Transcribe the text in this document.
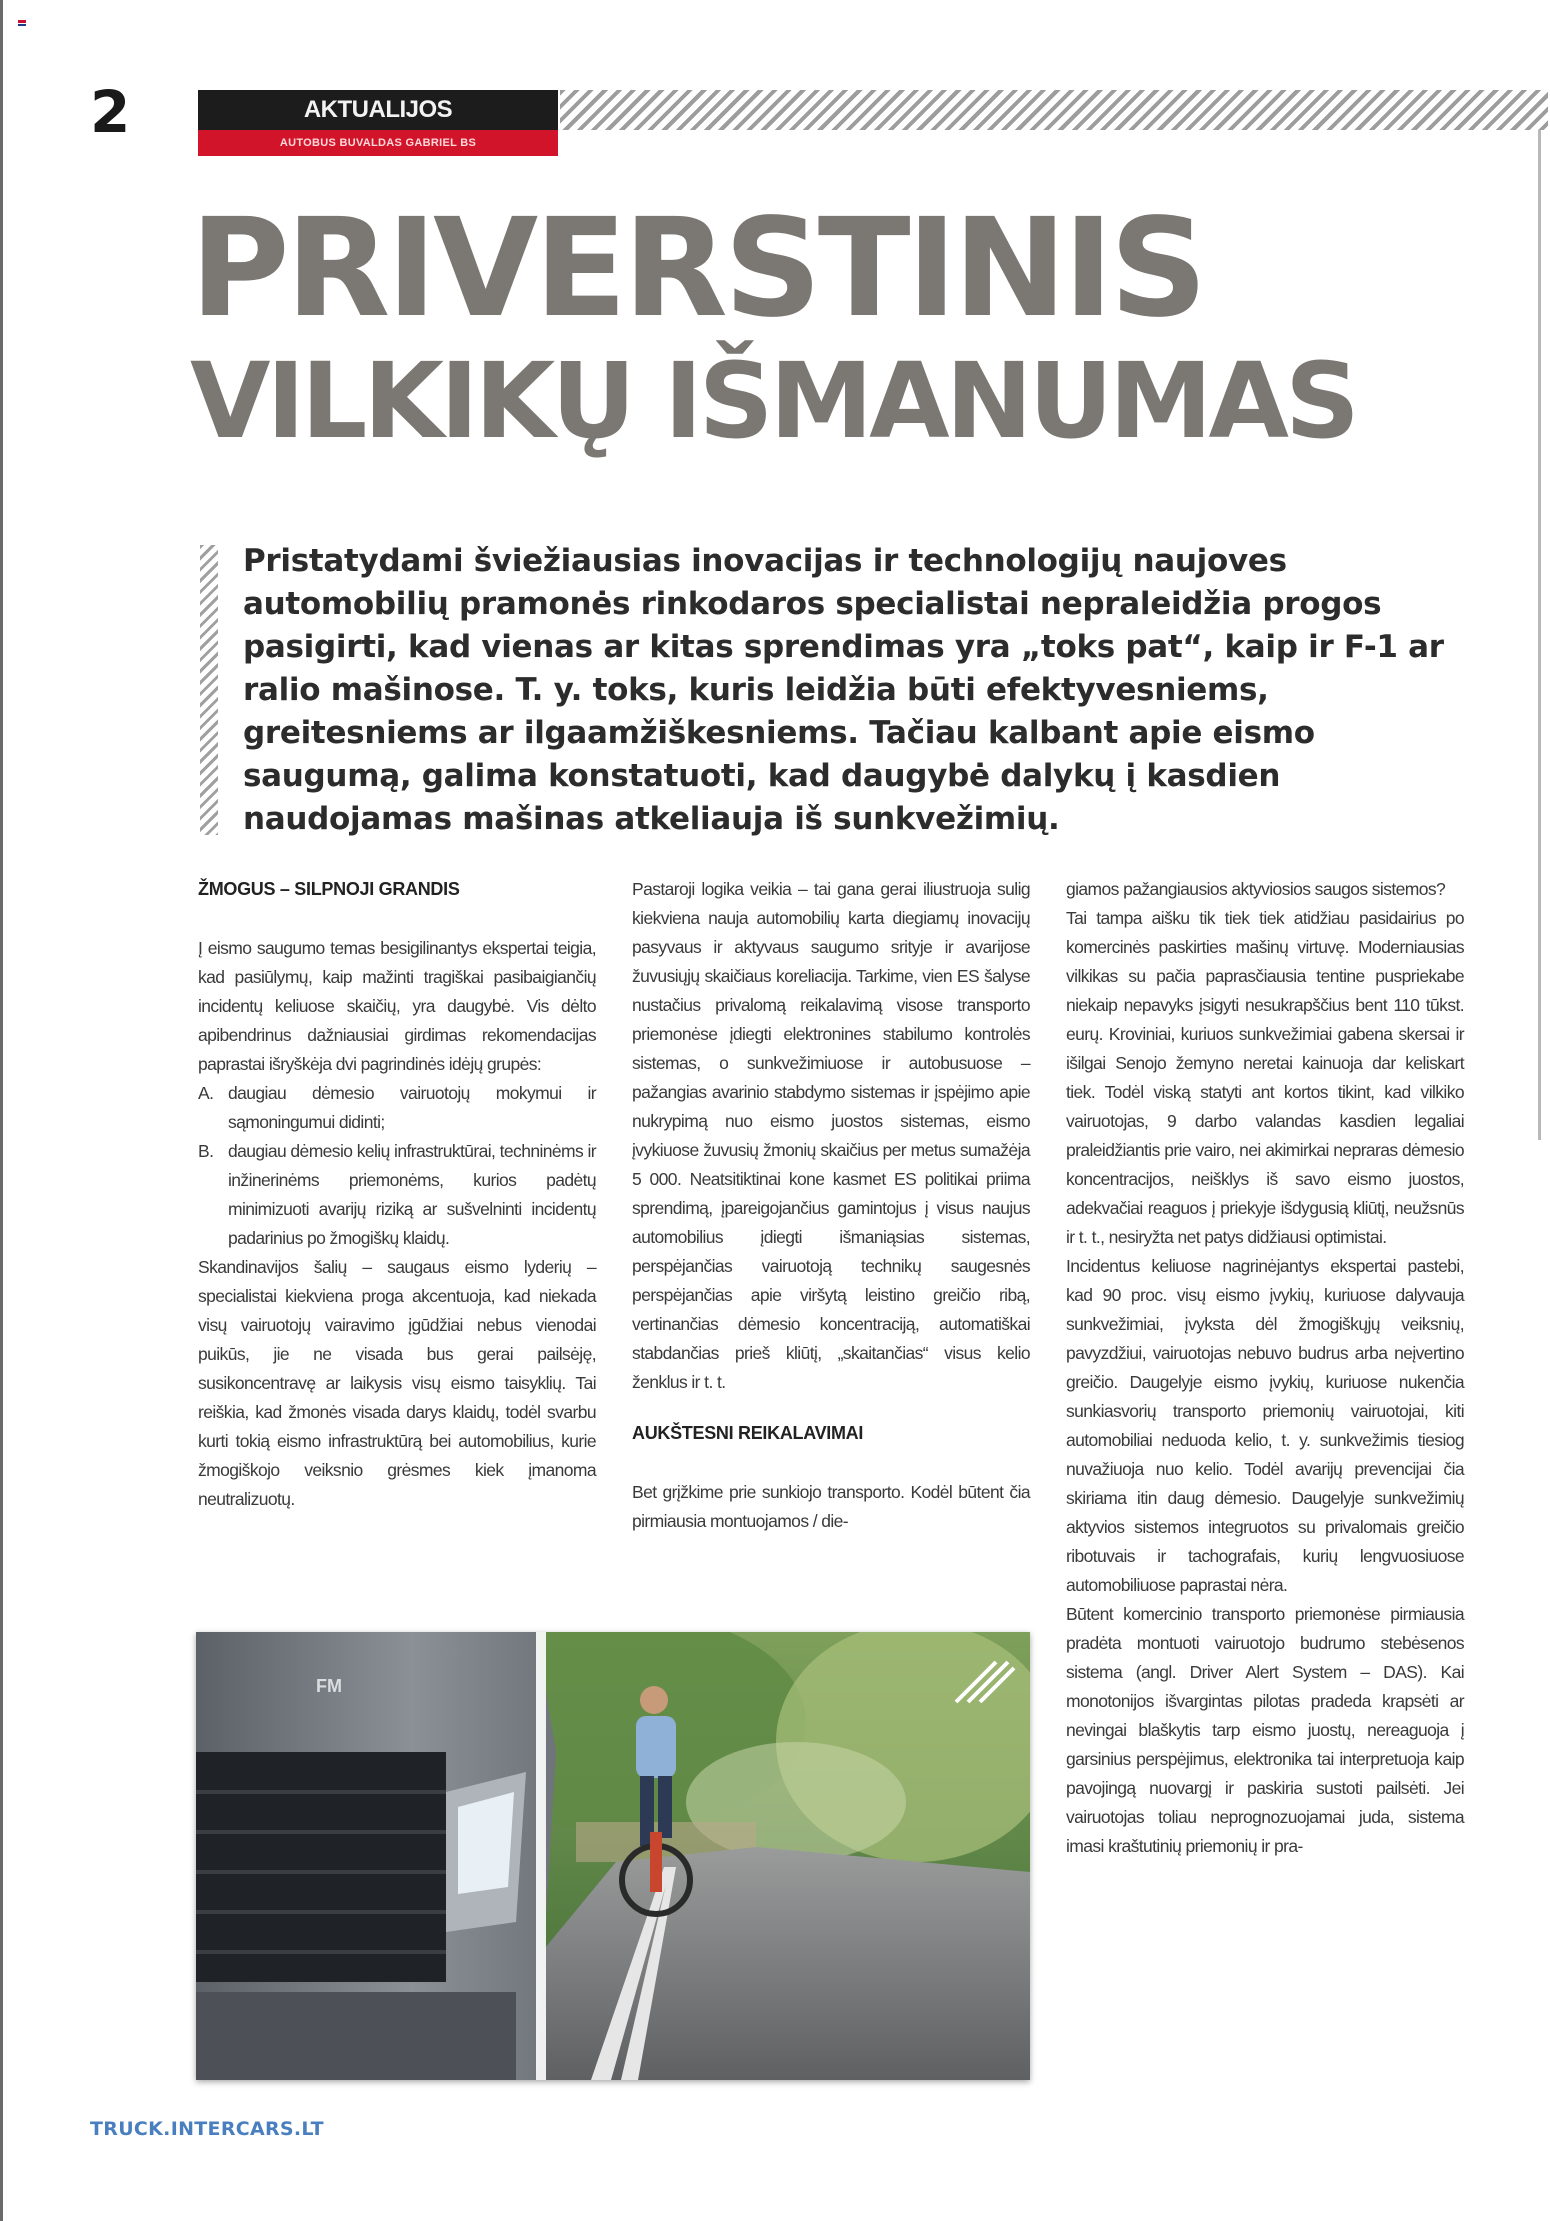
2	AKTUALIJOS
AUTOBUS BUVALDAS GABRIEL BS
PRIVERSTINIS
VILKIKŲ IŠMANUMAS

Pristatydami šviežiausias inovacijas ir technologijų naujoves automobilių pramonės rinkodaros specialistai nepraleidžia progos pasigirti, kad vienas ar kitas sprendimas yra „toks pat“, kaip ir F-1 ar ralio mašinose. T. y. toks, kuris leidžia būti efektyvesniems, greitesniems ar ilgaamžiškesniems. Tačiau kalbant apie eismo saugumą, galima konstatuoti, kad daugybė dalykų į kasdien naudojamas mašinas atkeliauja iš sunkvežimių.

ŽMOGUS – SILPNOJI GRANDIS

Į eismo saugumo temas besigilinantys ekspertai teigia, kad pasiūlymų, kaip mažinti tragiškai pasibaigiančių incidentų keliuose skaičių, yra daugybė. Vis dėlto apibendrinus dažniausiai girdimas rekomendacijas paprastai išryškėja dvi pagrindinės idėjų grupės:

A. daugiau dėmesio vairuotojų mokymui ir sąmoningumui didinti;
B. daugiau dėmesio kelių infrastruktūrai, techninėms ir inžinerinėms priemonėms, kurios padėtų minimizuoti avarijų riziką ar sušvelninti incidentų padarinius po žmogiškų klaidų.

Skandinavijos šalių – saugaus eismo lyderių – specialistai kiekviena proga akcentuoja, kad niekada visų vairuotojų vairavimo įgūdžiai nebus vienodai puikūs, jie ne visada bus gerai pailsėję, susikoncentravę ar laikysis visų eismo taisyklių. Tai reiškia, kad žmonės visada darys klaidų, todėl svarbu kurti tokią eismo infrastruktūrą bei automobilius, kurie žmogiškojo veiksnio grėsmes kiek įmanoma neutralizuotų.

Pastaroji logika veikia – tai gana gerai iliustruoja sulig kiekviena nauja automobilių karta diegiamų inovacijų pasyvaus ir aktyvaus saugumo srityje ir avarijose žuvusiųjų skaičiaus koreliacija. Tarkime, vien ES šalyse nustačius privalomą reikalavimą visose transporto priemonėse įdiegti elektronines stabilumo kontrolės sistemas, o sunkvežimiuose ir autobusuose – pažangias avarinio stabdymo sistemas ir įspėjimo apie nukrypimą nuo eismo juostos sistemas, eismo įvykiuose žuvusių žmonių skaičius per metus sumažėja 5 000. Neatsitiktinai kone kasmet ES politikai priima sprendimą, įpareigojančius gamintojus į visus naujus automobilius įdiegti išmaniąsias sistemas, perspėjančias vairuotoją technikų saugesnės perspėjančias apie viršytą leistino greičio ribą, vertinančias dėmesio koncentraciją, automatiškai stabdančias prieš kliūtį, „skaitančias“ visus kelio ženklus ir t. t.

AUKŠTESNI REIKALAVIMAI

Bet grįžkime prie sunkiojo transporto. Kodėl būtent čia pirmiausia montuojamos / die-

giamos pažangiausios aktyviosios saugos sistemos?

Tai tampa aišku tik tiek tiek atidžiau pasidairius po komercinės paskirties mašinų virtuvę. Moderniausias vilkikas su pačia paprasčiausia tentine puspriekabe niekaip nepavyks įsigyti nesukrapščius bent 110 tūkst. eurų. Kroviniai, kuriuos sunkvežimiai gabena skersai ir išilgai Senojo žemyno neretai kainuoja dar keliskart tiek. Todėl viską statyti ant kortos tikint, kad vilkiko vairuotojas, 9 darbo valandas kasdien legaliai praleidžiantis prie vairo, nei akimirkai nepraras dėmesio koncentracijos, neišklys iš savo eismo juostos, adekvačiai reaguos į priekyje išdygusią kliūtį, neužsnūs ir t. t., nesiryžta net patys didžiausi optimistai.

Incidentus keliuose nagrinėjantys ekspertai pastebi, kad 90 proc. visų eismo įvykių, kuriuose dalyvauja sunkvežimiai, įvyksta dėl žmogiškųjų veiksnių, pavyzdžiui, vairuotojas nebuvo budrus arba neįvertino greičio. Daugelyje eismo įvykių, kuriuose nukenčia sunkiasvorių transporto priemonių vairuotojai, kiti automobiliai neduoda kelio, t. y. sunkvežimis tiesiog nuvažiuoja nuo kelio. Todėl avarijų prevencijai čia skiriama itin daug dėmesio. Daugelyje sunkvežimių aktyvios sistemos integruotos su privalomais greičio ribotuvais ir tachografais, kurių lengvuosiuose automobiliuose paprastai nėra.

Būtent komercinio transporto priemonėse pirmiausia pradėta montuoti vairuotojo budrumo stebėsenos sistema (angl. Driver Alert System – DAS). Kai monotonijos išvargintas pilotas pradeda krapsėti ar nevingai blaškytis tarp eismo juostų, nereaguoja į garsinius perspėjimus, elektronika tai interpretuoja kaip pavojingą nuovargį ir paskiria sustoti pailsėti. Jei vairuotojas toliau neprognozuojamai juda, sistema imasi kraštutinių priemonių ir pra-

FM
TRUCK.INTERCARS.LT
